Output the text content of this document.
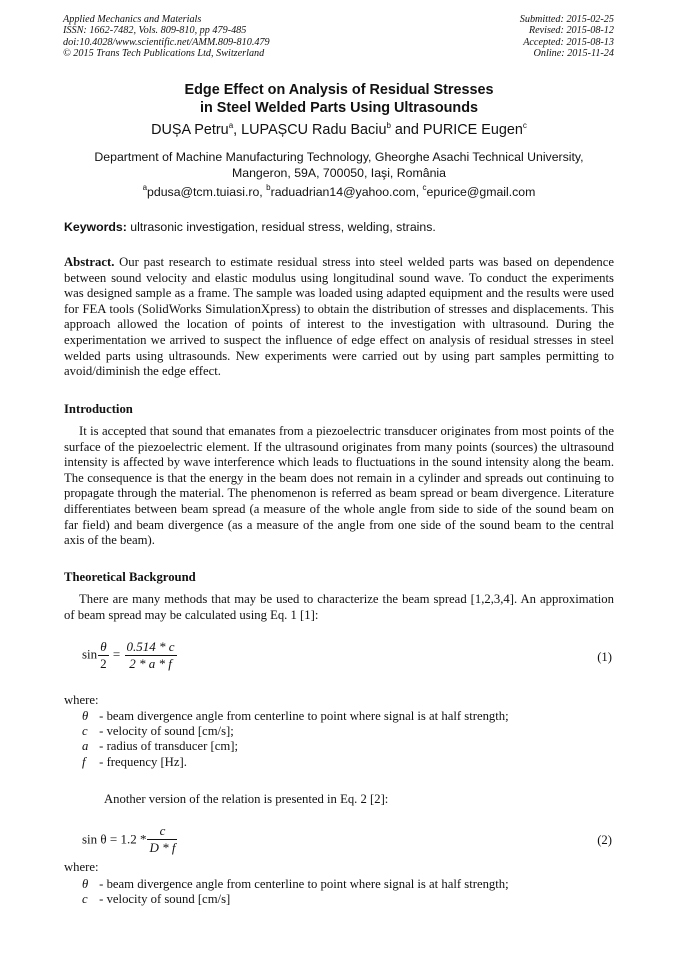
Applied Mechanics and Materials
ISSN: 1662-7482, Vols. 809-810, pp 479-485
doi:10.4028/www.scientific.net/AMM.809-810.479
© 2015 Trans Tech Publications Ltd, Switzerland
Submitted: 2015-02-25
Revised: 2015-08-12
Accepted: 2015-08-13
Online: 2015-11-24
Edge Effect on Analysis of Residual Stresses
in Steel Welded Parts Using Ultrasounds
DUȘA Petru$^a$, LUPAȘCU Radu Baciu$^b$ and PURICE Eugen$^c$
Department of Machine Manufacturing Technology, Gheorghe Asachi Technical University,
Mangeron, 59A, 700050, Iaşi, România
$^a$pdusa@tcm.tuiasi.ro, $^b$raduadrian14@yahoo.com, $^c$epurice@gmail.com
Keywords: ultrasonic investigation, residual stress, welding, strains.

Abstract. Our past research to estimate residual stress into steel welded parts was based on dependence between sound velocity and elastic modulus using longitudinal sound wave. To conduct the experiments was designed sample as a frame. The sample was loaded using adapted equipment and the results were used for FEA tools (SolidWorks SimulationXpress) to obtain the distribution of stresses and displacements. This approach allowed the location of points of interest to the investigation with ultrasound. During the experimentation we arrived to suspect the influence of edge effect on analysis of residual stresses in steel welded parts using ultrasounds. New experiments were carried out by using part samples permitting to avoid/diminish the edge effect.

Introduction

It is accepted that sound that emanates from a piezoelectric transducer originates from most points of the surface of the piezoelectric element. If the ultrasound originates from many points (sources) the ultrasound intensity is affected by wave interference which leads to fluctuations in the sound intensity along the beam. The consequence is that the energy in the beam does not remain in a cylinder and spreads out continuing to propagate through the material. The phenomenon is referred as beam spread or beam divergence. Literature differentiates between beam spread (a measure of the whole angle from side to side of the sound beam on far field) and beam divergence (as a measure of the angle from one side of the sound beam to the central axis of the beam).

Theoretical Background

There are many methods that may be used to characterize the beam spread [1,2,3,4]. An approximation of beam spread may be calculated using Eq. 1 [1]:

$\sin \frac{\theta}{2} = \frac{0.514 * c}{2 * a * f}$	(1)
where:
θ - beam divergence angle from centerline to point where signal is at half strength;
c - velocity of sound [cm/s];
a - radius of transducer [cm];
f - frequency [Hz].
Another version of the relation is presented in Eq. 2 [2]:
$\sin \theta = 1.2 * \frac{c}{D * f}$	(2)
where:
θ - beam divergence angle from centerline to point where signal is at half strength;
c - velocity of sound [cm/s]
